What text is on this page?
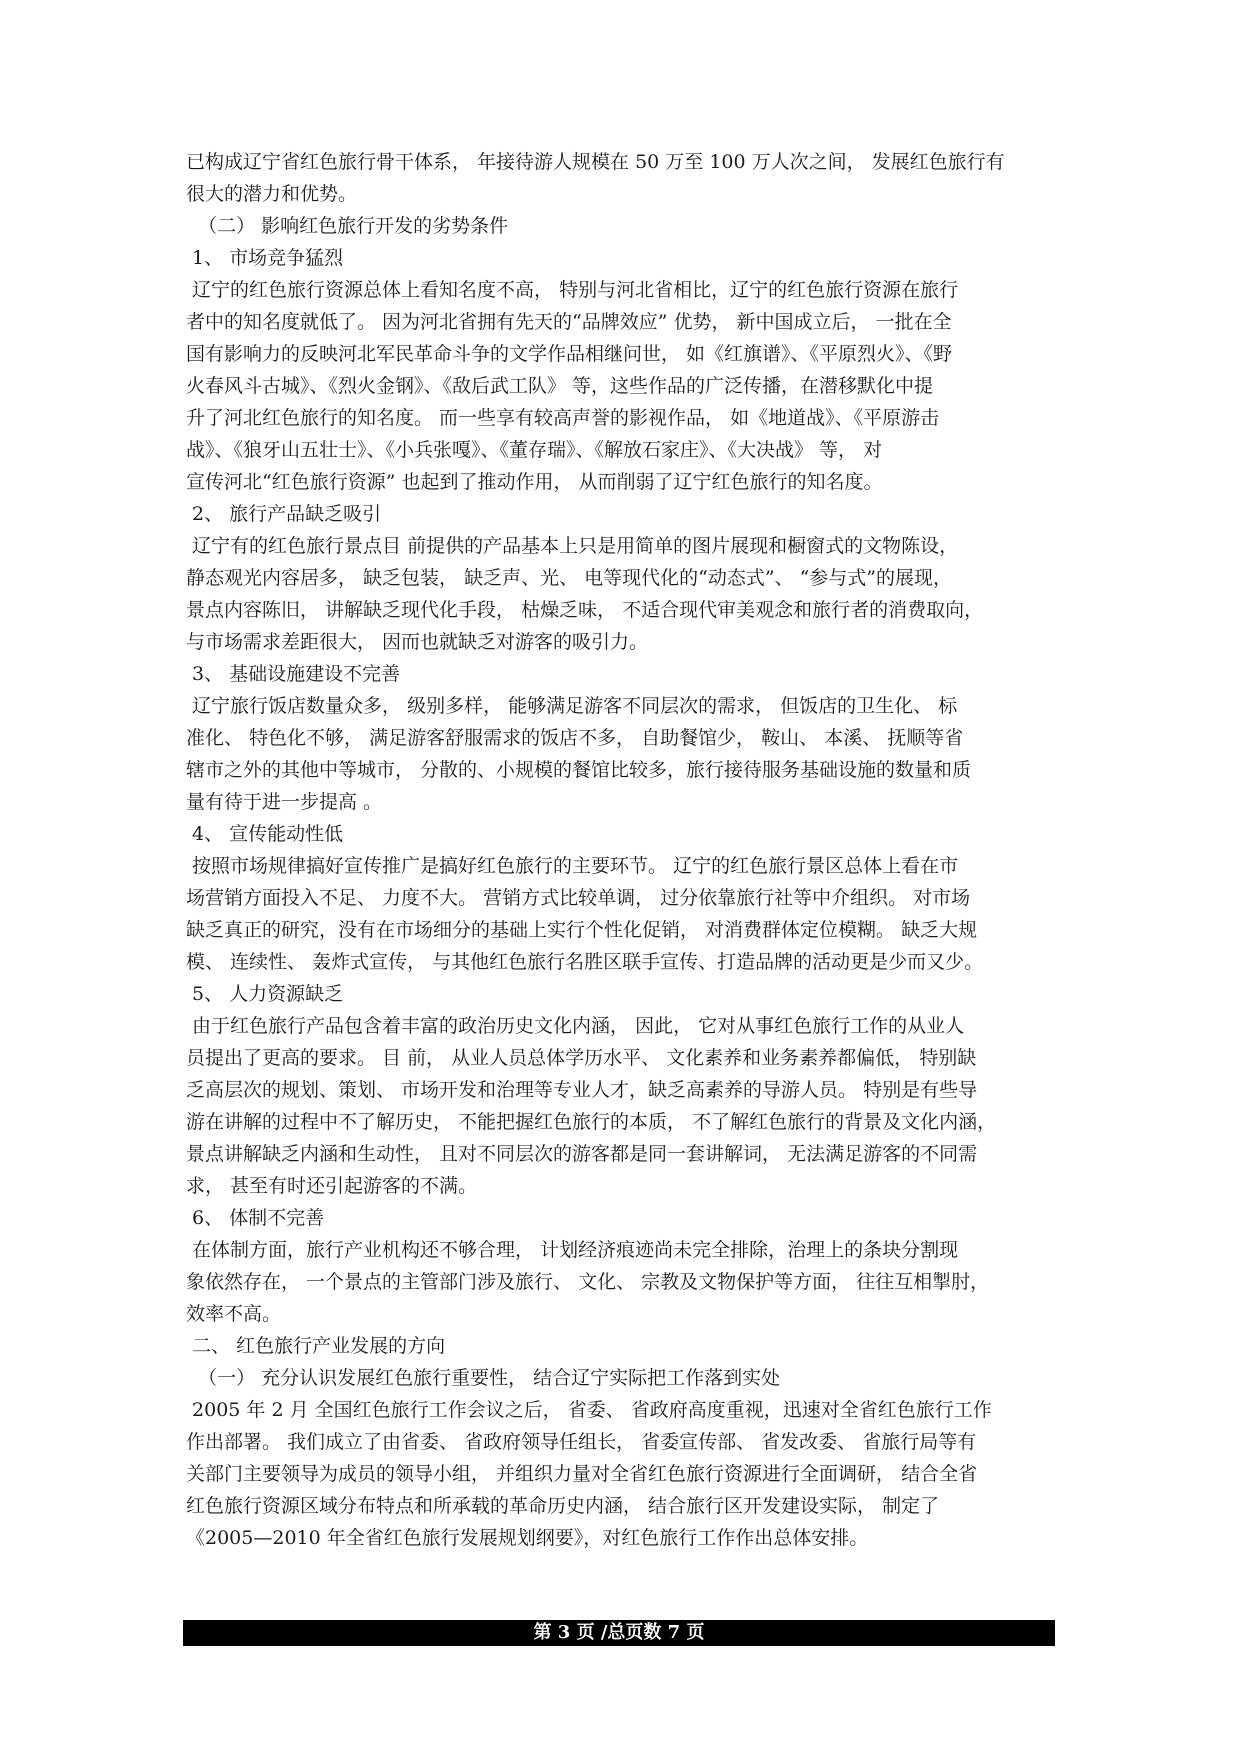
已构成辽宁省红色旅行骨干体系， 年接待游人规模在 50 万至 100 万人次之间， 发展红色旅行有
很大的潜力和优势。
（二） 影响红色旅行开发的劣势条件
1、 市场竞争猛烈
辽宁的红色旅行资源总体上看知名度不高， 特别与河北省相比，辽宁的红色旅行资源在旅行
者中的知名度就低了。 因为河北省拥有先天的“品牌效应” 优势， 新中国成立后， 一批在全
国有影响力的反映河北军民革命斗争的文学作品相继问世， 如《红旗谱》、《平原烈火》、《野
火春风斗古城》、《烈火金钢》、《敌后武工队》 等，这些作品的广泛传播，在潜移默化中提
升了河北红色旅行的知名度。 而一些享有较高声誉的影视作品， 如《地道战》、《平原游击
战》、《狼牙山五壮士》、《小兵张嘎》、《董存瑞》、《解放石家庄》、《大决战》 等， 对
宣传河北“红色旅行资源” 也起到了推动作用， 从而削弱了辽宁红色旅行的知名度。
2、 旅行产品缺乏吸引
辽宁有的红色旅行景点目 前提供的产品基本上只是用简单的图片展现和橱窗式的文物陈设，
静态观光内容居多， 缺乏包装， 缺乏声、光、 电等现代化的“动态式”、 “参与式”的展现，
景点内容陈旧， 讲解缺乏现代化手段， 枯燥乏味， 不适合现代审美观念和旅行者的消费取向，
与市场需求差距很大， 因而也就缺乏对游客的吸引力。
3、 基础设施建设不完善
辽宁旅行饭店数量众多， 级别多样， 能够满足游客不同层次的需求， 但饭店的卫生化、 标
准化、 特色化不够， 满足游客舒服需求的饭店不多， 自助餐馆少， 鞍山、 本溪、 抚顺等省
辖市之外的其他中等城市， 分散的、小规模的餐馆比较多，旅行接待服务基础设施的数量和质
量有待于进一步提高 。
4、 宣传能动性低
按照市场规律搞好宣传推广是搞好红色旅行的主要环节。 辽宁的红色旅行景区总体上看在市
场营销方面投入不足、 力度不大。 营销方式比较单调， 过分依靠旅行社等中介组织。 对市场
缺乏真正的研究，没有在市场细分的基础上实行个性化促销， 对消费群体定位模糊。 缺乏大规
模、 连续性、 轰炸式宣传， 与其他红色旅行名胜区联手宣传、打造品牌的活动更是少而又少。
5、 人力资源缺乏
由于红色旅行产品包含着丰富的政治历史文化内涵， 因此， 它对从事红色旅行工作的从业人
员提出了更高的要求。 目 前， 从业人员总体学历水平、 文化素养和业务素养都偏低， 特别缺
乏高层次的规划、策划、 市场开发和治理等专业人才，缺乏高素养的导游人员。 特别是有些导
游在讲解的过程中不了解历史， 不能把握红色旅行的本质， 不了解红色旅行的背景及文化内涵，
景点讲解缺乏内涵和生动性， 且对不同层次的游客都是同一套讲解词， 无法满足游客的不同需
求， 甚至有时还引起游客的不满。
6、 体制不完善
在体制方面，旅行产业机构还不够合理， 计划经济痕迹尚未完全排除，治理上的条块分割现
象依然存在， 一个景点的主管部门涉及旅行、 文化、 宗教及文物保护等方面， 往往互相掣肘，
效率不高。
二、 红色旅行产业发展的方向
（一） 充分认识发展红色旅行重要性， 结合辽宁实际把工作落到实处
2005 年 2 月 全国红色旅行工作会议之后， 省委、 省政府高度重视，迅速对全省红色旅行工作
作出部署。 我们成立了由省委、 省政府领导任组长， 省委宣传部、 省发改委、 省旅行局等有
关部门主要领导为成员的领导小组， 并组织力量对全省红色旅行资源进行全面调研， 结合全省
红色旅行资源区域分布特点和所承载的革命历史内涵， 结合旅行区开发建设实际， 制定了
《2005—2010 年全省红色旅行发展规划纲要》，对红色旅行工作作出总体安排。
第 3 页 /总页数 7 页
